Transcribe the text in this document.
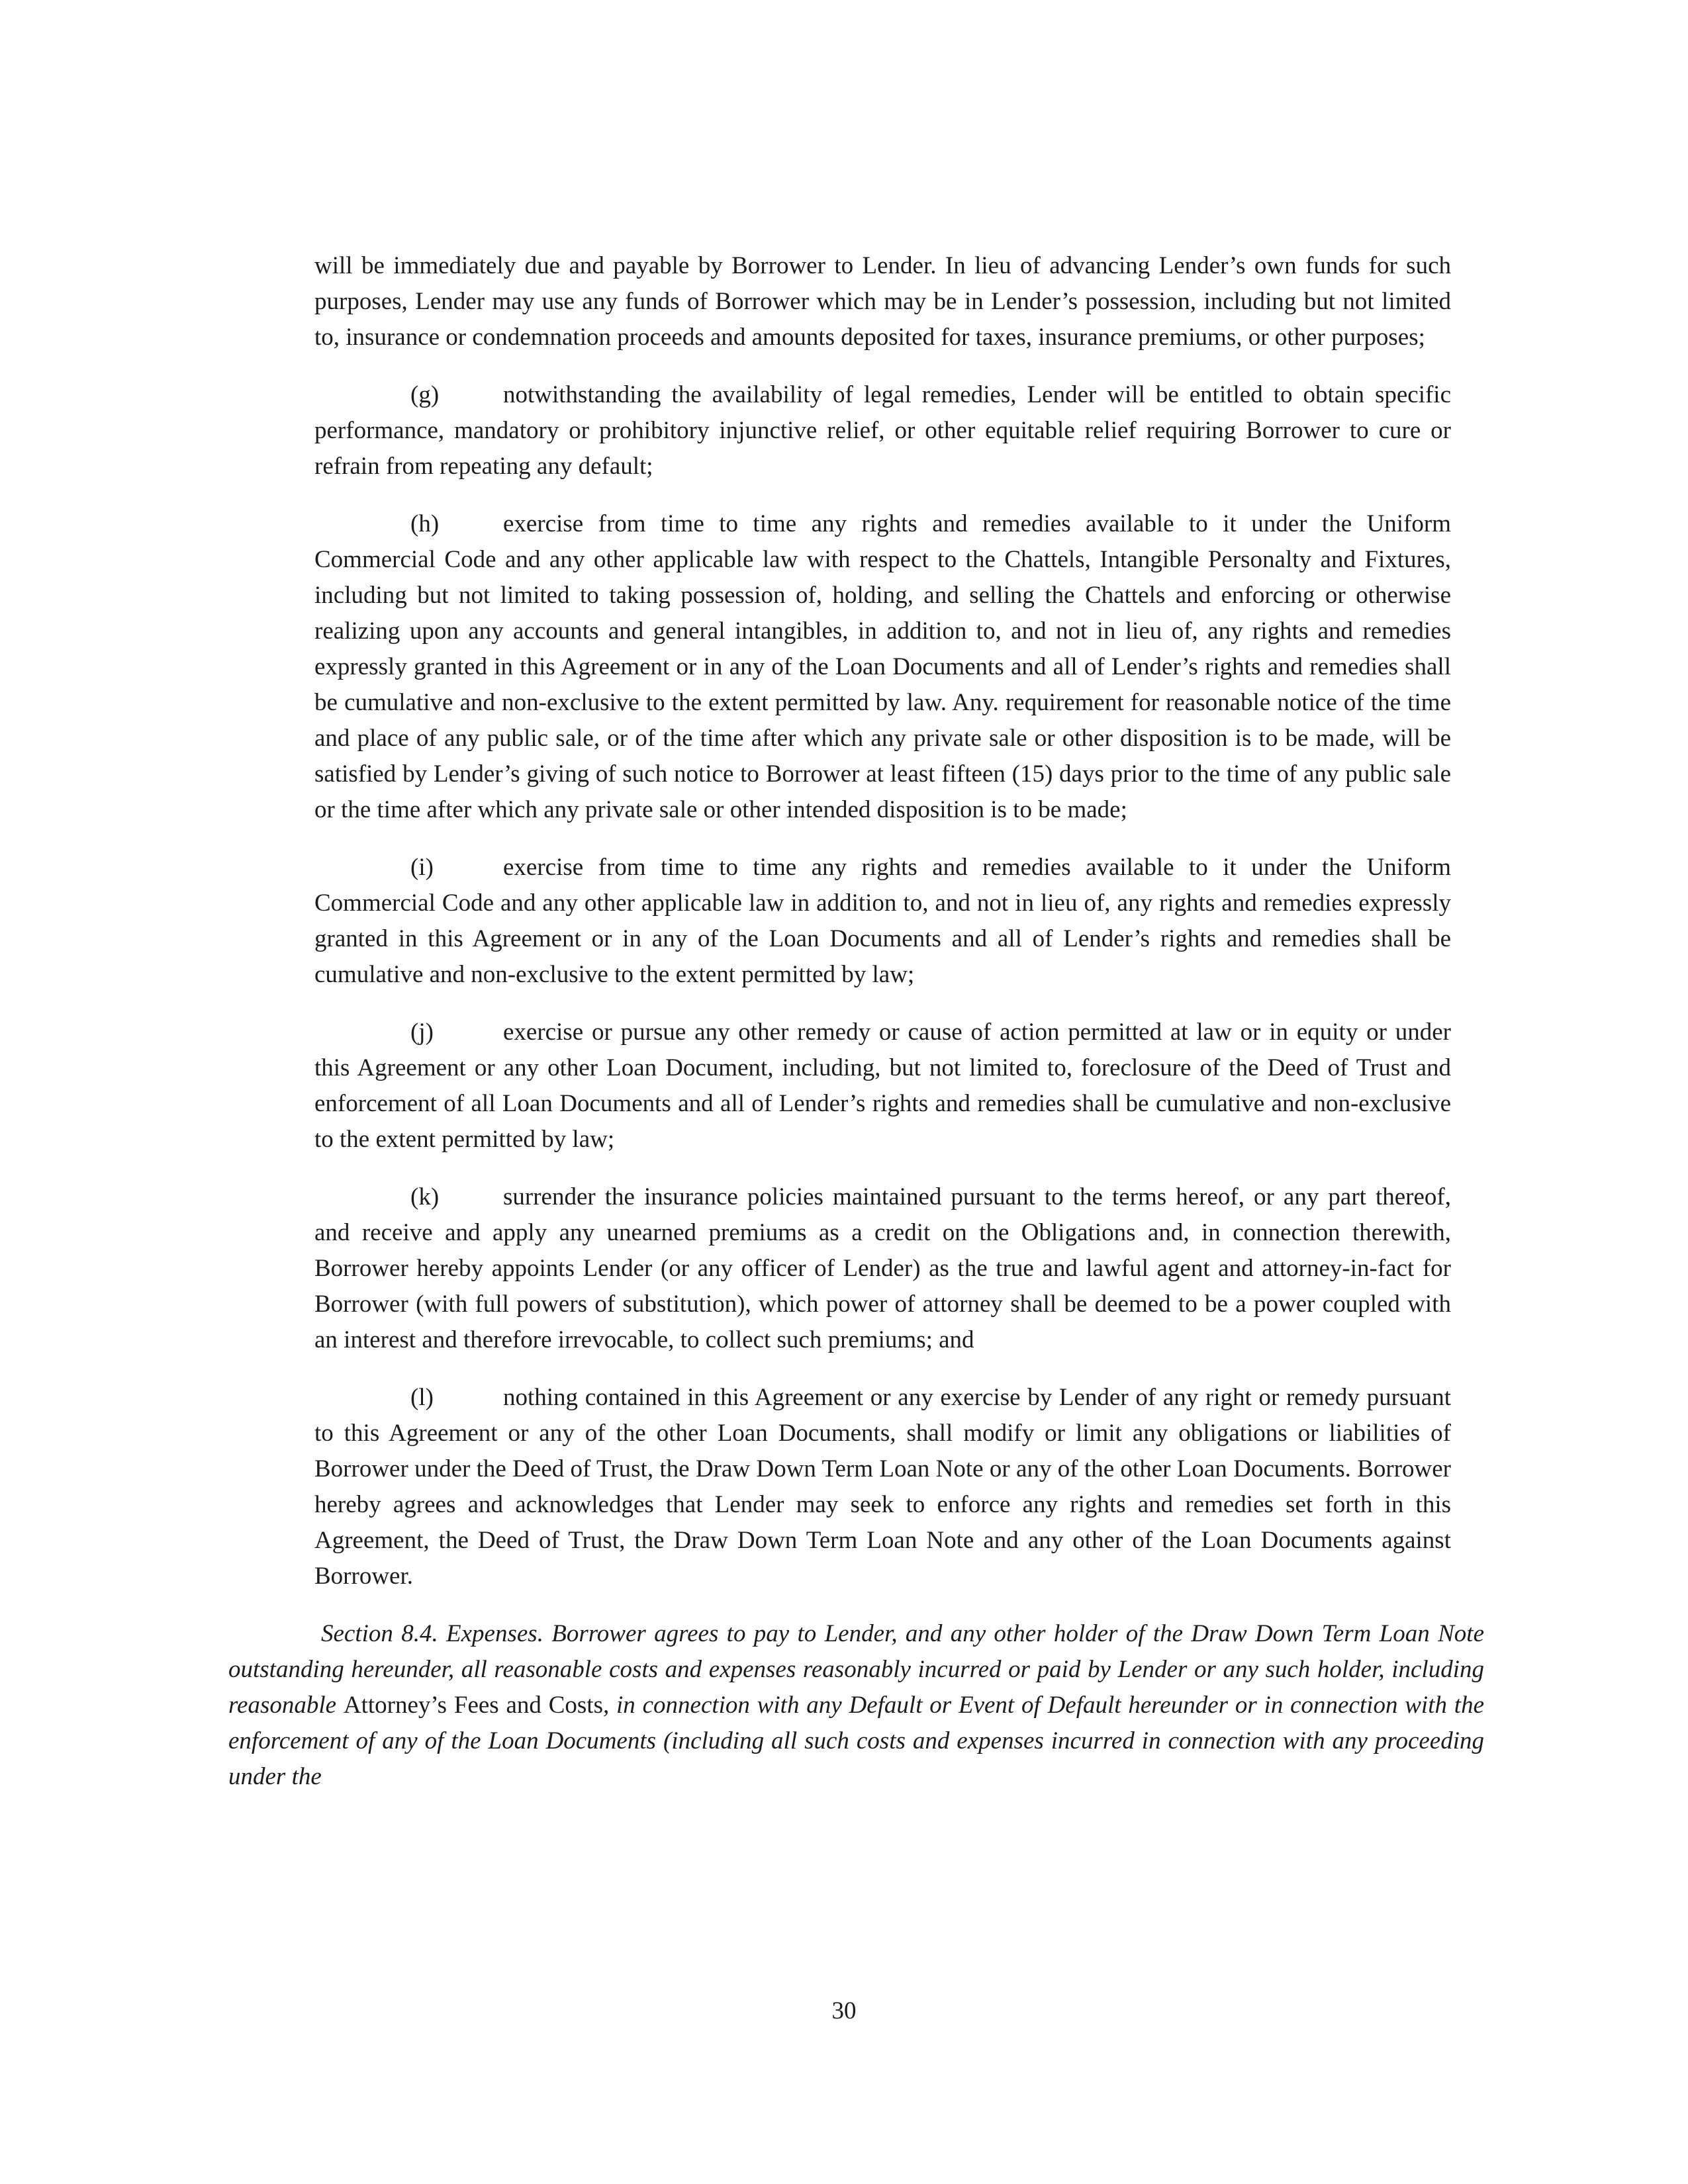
will be immediately due and payable by Borrower to Lender. In lieu of advancing Lender’s own funds for such purposes, Lender may use any funds of Borrower which may be in Lender’s possession, including but not limited to, insurance or condemnation proceeds and amounts deposited for taxes, insurance premiums, or other purposes;

(g)	notwithstanding the availability of legal remedies, Lender will be entitled to obtain specific performance, mandatory or prohibitory injunctive relief, or other equitable relief requiring Borrower to cure or refrain from repeating any default;

(h)	exercise from time to time any rights and remedies available to it under the Uniform Commercial Code and any other applicable law with respect to the Chattels, Intangible Personalty and Fixtures, including but not limited to taking possession of, holding, and selling the Chattels and enforcing or otherwise realizing upon any accounts and general intangibles, in addition to, and not in lieu of, any rights and remedies expressly granted in this Agreement or in any of the Loan Documents and all of Lender’s rights and remedies shall be cumulative and non-exclusive to the extent permitted by law. Any. requirement for reasonable notice of the time and place of any public sale, or of the time after which any private sale or other disposition is to be made, will be satisfied by Lender’s giving of such notice to Borrower at least fifteen (15) days prior to the time of any public sale or the time after which any private sale or other intended disposition is to be made;

(i)	exercise from time to time any rights and remedies available to it under the Uniform Commercial Code and any other applicable law in addition to, and not in lieu of, any rights and remedies expressly granted in this Agreement or in any of the Loan Documents and all of Lender’s rights and remedies shall be cumulative and non-exclusive to the extent permitted by law;

(j)	exercise or pursue any other remedy or cause of action permitted at law or in equity or under this Agreement or any other Loan Document, including, but not limited to, foreclosure of the Deed of Trust and enforcement of all Loan Documents and all of Lender’s rights and remedies shall be cumulative and non-exclusive to the extent permitted by law;

(k)	surrender the insurance policies maintained pursuant to the terms hereof, or any part thereof, and receive and apply any unearned premiums as a credit on the Obligations and, in connection therewith, Borrower hereby appoints Lender (or any officer of Lender) as the true and lawful agent and attorney-in-fact for Borrower (with full powers of substitution), which power of attorney shall be deemed to be a power coupled with an interest and therefore irrevocable, to collect such premiums; and

(l)	nothing contained in this Agreement or any exercise by Lender of any right or remedy pursuant to this Agreement or any of the other Loan Documents, shall modify or limit any obligations or liabilities of Borrower under the Deed of Trust, the Draw Down Term Loan Note or any of the other Loan Documents. Borrower hereby agrees and acknowledges that Lender may seek to enforce any rights and remedies set forth in this Agreement, the Deed of Trust, the Draw Down Term Loan Note and any other of the Loan Documents against Borrower.

Section 8.4. Expenses. Borrower agrees to pay to Lender, and any other holder of the Draw Down Term Loan Note outstanding hereunder, all reasonable costs and expenses reasonably incurred or paid by Lender or any such holder, including reasonable Attorney’s Fees and Costs, in connection with any Default or Event of Default hereunder or in connection with the enforcement of any of the Loan Documents (including all such costs and expenses incurred in connection with any proceeding under the

30
